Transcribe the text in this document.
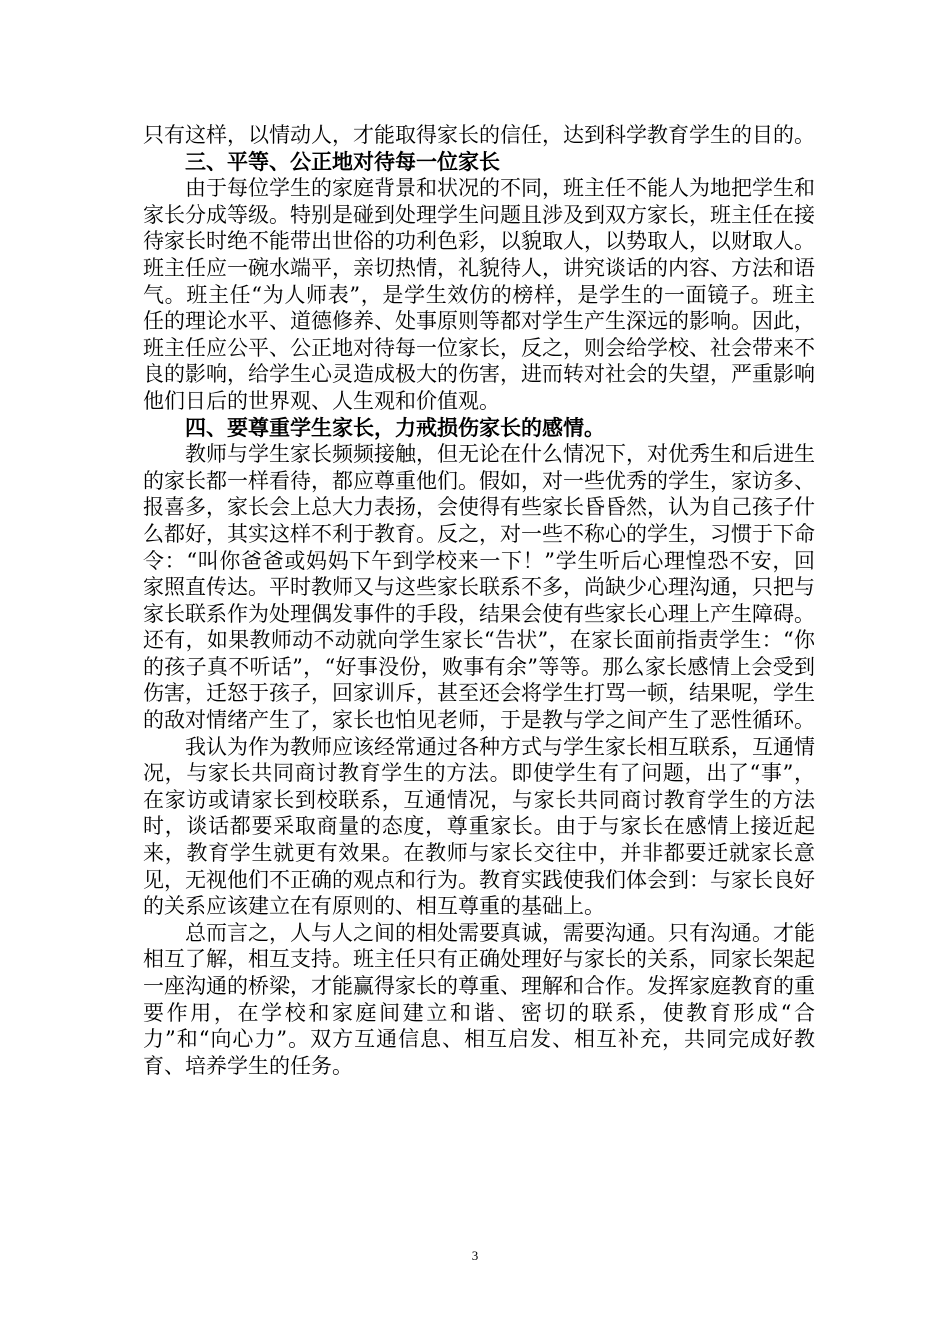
只有这样，以情动人，才能取得家长的信任，达到科学教育学生的目的。

三、平等、公正地对待每一位家长

由于每位学生的家庭背景和状况的不同，班主任不能人为地把学生和家长分成等级。特别是碰到处理学生问题且涉及到双方家长，班主任在接待家长时绝不能带出世俗的功利色彩，以貌取人，以势取人，以财取人。班主任应一碗水端平，亲切热情，礼貌待人，讲究谈话的内容、方法和语气。班主任“为人师表”，是学生效仿的榜样，是学生的一面镜子。班主任的理论水平、道德修养、处事原则等都对学生产生深远的影响。因此，班主任应公平、公正地对待每一位家长，反之，则会给学校、社会带来不良的影响，给学生心灵造成极大的伤害，进而转对社会的失望，严重影响他们日后的世界观、人生观和价值观。

四、要尊重学生家长，力戒损伤家长的感情。

教师与学生家长频频接触，但无论在什么情况下，对优秀生和后进生的家长都一样看待，都应尊重他们。假如，对一些优秀的学生，家访多、报喜多，家长会上总大力表扬，会使得有些家长昏昏然，认为自己孩子什么都好，其实这样不利于教育。反之，对一些不称心的学生，习惯于下命令：“叫你爸爸或妈妈下午到学校来一下！”学生听后心理惶恐不安，回家照直传达。平时教师又与这些家长联系不多，尚缺少心理沟通，只把与家长联系作为处理偶发事件的手段，结果会使有些家长心理上产生障碍。还有，如果教师动不动就向学生家长“告状”，在家长面前指责学生：“你的孩子真不听话”，“好事没份，败事有余”等等。那么家长感情上会受到伤害，迁怒于孩子，回家训斥，甚至还会将学生打骂一顿，结果呢，学生的敌对情绪产生了，家长也怕见老师，于是教与学之间产生了恶性循环。

我认为作为教师应该经常通过各种方式与学生家长相互联系，互通情况，与家长共同商讨教育学生的方法。即使学生有了问题，出了“事”，在家访或请家长到校联系，互通情况，与家长共同商讨教育学生的方法时，谈话都要采取商量的态度，尊重家长。由于与家长在感情上接近起来，教育学生就更有效果。在教师与家长交往中，并非都要迁就家长意见，无视他们不正确的观点和行为。教育实践使我们体会到：与家长良好的关系应该建立在有原则的、相互尊重的基础上。

总而言之，人与人之间的相处需要真诚，需要沟通。只有沟通。才能相互了解，相互支持。班主任只有正确处理好与家长的关系，同家长架起一座沟通的桥梁，才能赢得家长的尊重、理解和合作。发挥家庭教育的重要作用，在学校和家庭间建立和谐、密切的联系，使教育形成“合力”和“向心力”。双方互通信息、相互启发、相互补充，共同完成好教育、培养学生的任务。

3
